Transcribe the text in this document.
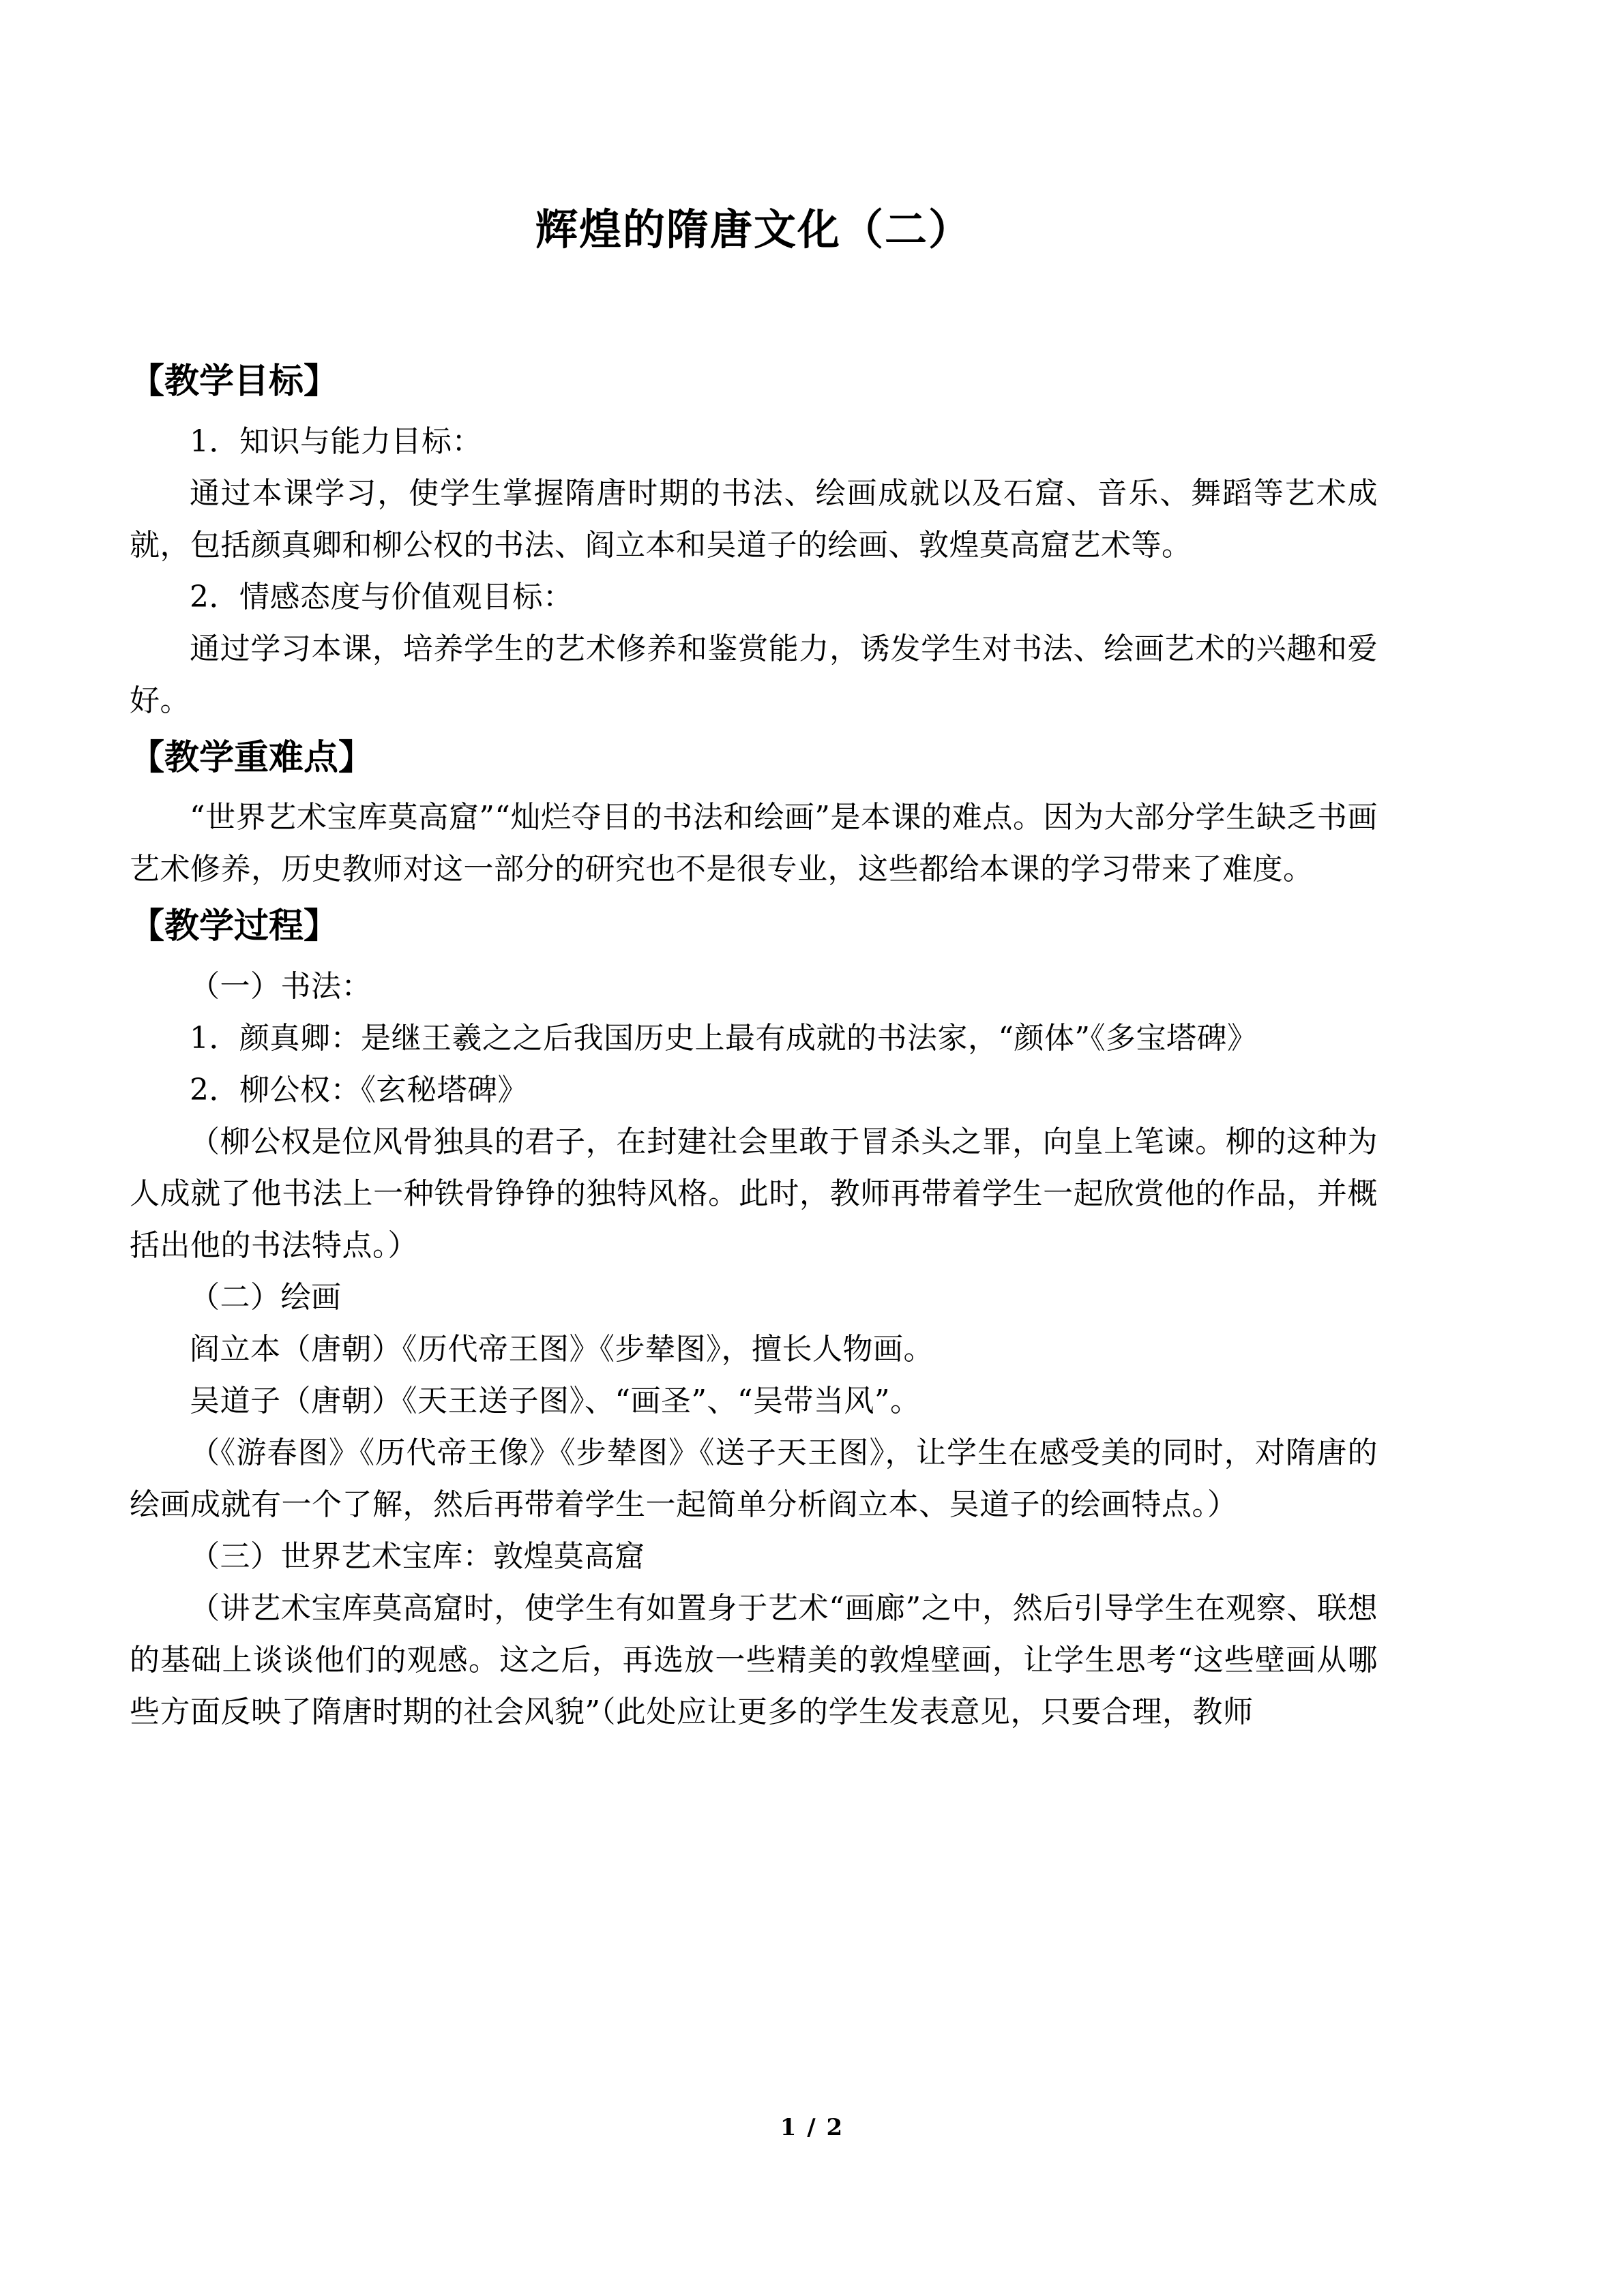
辉煌的隋唐文化（二）
【教学目标】

1．知识与能力目标：

通过本课学习，使学生掌握隋唐时期的书法、绘画成就以及石窟、音乐、舞蹈等艺术成就，包括颜真卿和柳公权的书法、阎立本和吴道子的绘画、敦煌莫高窟艺术等。

2．情感态度与价值观目标：

通过学习本课，培养学生的艺术修养和鉴赏能力，诱发学生对书法、绘画艺术的兴趣和爱好。

【教学重难点】

“世界艺术宝库莫高窟”“灿烂夺目的书法和绘画”是本课的难点。因为大部分学生缺乏书画艺术修养，历史教师对这一部分的研究也不是很专业，这些都给本课的学习带来了难度。

【教学过程】

（一）书法：

1．颜真卿：是继王羲之之后我国历史上最有成就的书法家，“颜体”《多宝塔碑》

2．柳公权：《玄秘塔碑》

（柳公权是位风骨独具的君子，在封建社会里敢于冒杀头之罪，向皇上笔谏。柳的这种为人成就了他书法上一种铁骨铮铮的独特风格。此时，教师再带着学生一起欣赏他的作品，并概括出他的书法特点。）

（二）绘画

阎立本（唐朝）《历代帝王图》《步辇图》，擅长人物画。

吴道子（唐朝）《天王送子图》、“画圣”、“吴带当风”。

（《游春图》《历代帝王像》《步辇图》《送子天王图》，让学生在感受美的同时，对隋唐的绘画成就有一个了解，然后再带着学生一起简单分析阎立本、吴道子的绘画特点。）

（三）世界艺术宝库：敦煌莫高窟

（讲艺术宝库莫高窟时，使学生有如置身于艺术“画廊”之中，然后引导学生在观察、联想的基础上谈谈他们的观感。这之后，再选放一些精美的敦煌壁画，让学生思考“这些壁画从哪些方面反映了隋唐时期的社会风貌”（此处应让更多的学生发表意见，只要合理，教师

1 / 2
